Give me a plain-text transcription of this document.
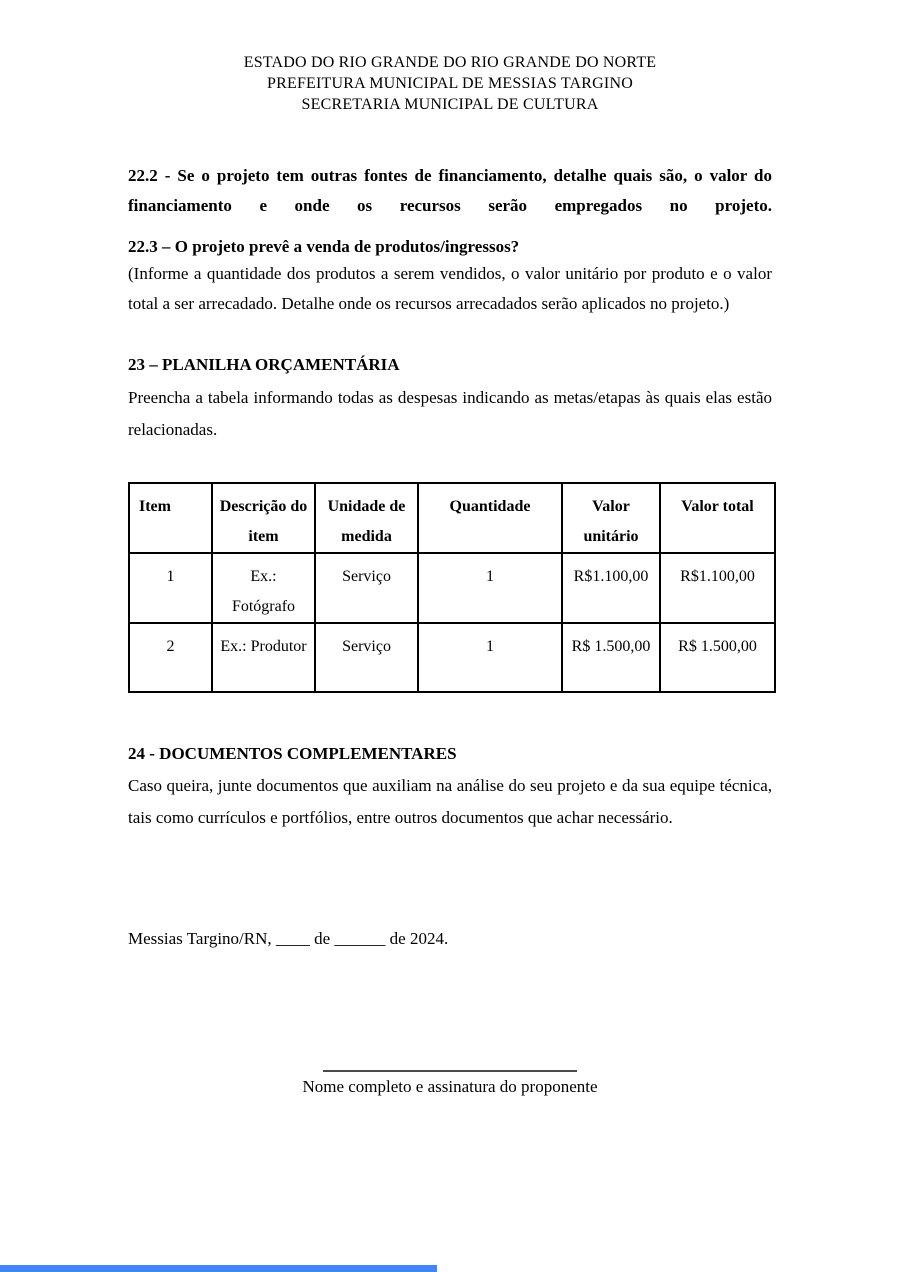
ESTADO DO RIO GRANDE DO RIO GRANDE DO NORTE
PREFEITURA MUNICIPAL DE MESSIAS TARGINO
SECRETARIA MUNICIPAL DE CULTURA
22.2 - Se o projeto tem outras fontes de financiamento, detalhe quais são, o valor do financiamento e onde os recursos serão empregados no projeto.
22.3 – O projeto prevê a venda de produtos/ingressos?
(Informe a quantidade dos produtos a serem vendidos, o valor unitário por produto e o valor total a ser arrecadado. Detalhe onde os recursos arrecadados serão aplicados no projeto.)
23 – PLANILHA ORÇAMENTÁRIA
Preencha a tabela informando todas as despesas indicando as metas/etapas às quais elas estão relacionadas.
Item	Descrição do item	Unidade de medida	Quantidade	Valor unitário	Valor total
1	Ex.: Fotógrafo	Serviço	1	R$1.100,00	R$1.100,00
2	Ex.: Produtor	Serviço	1	R$ 1.500,00	R$ 1.500,00
24 - DOCUMENTOS COMPLEMENTARES
Caso queira, junte documentos que auxiliam na análise do seu projeto e da sua equipe técnica, tais como currículos e portfólios, entre outros documentos que achar necessário.
Messias Targino/RN, ____ de ______ de 2024.
Nome completo e assinatura do proponente
